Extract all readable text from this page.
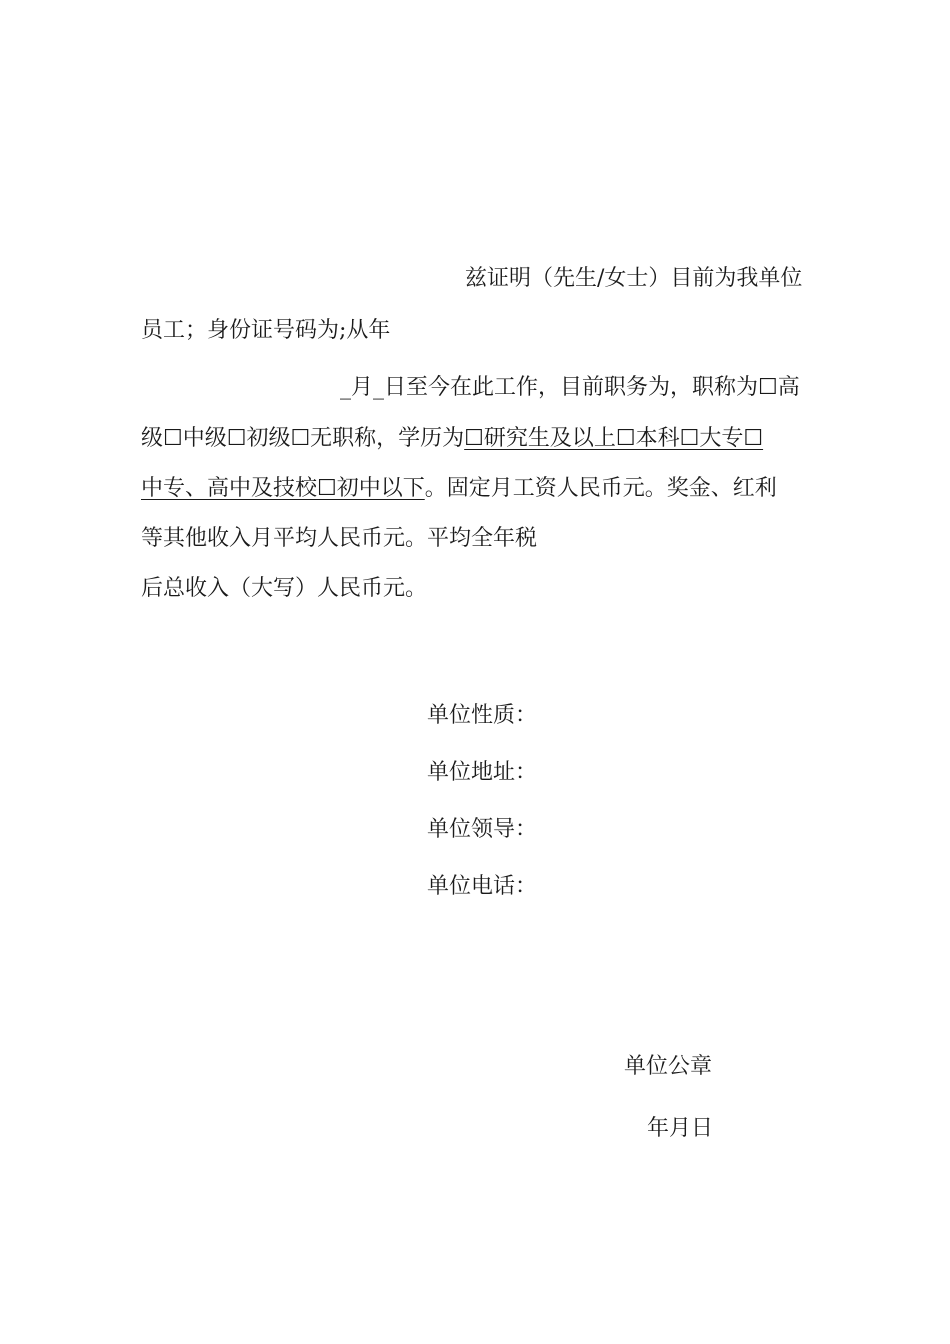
兹证明（先生/女士）目前为我单位

员工；身份证号码为;从年

_月_日至今在此工作，目前职务为，职称为☐高

级☐中级☐初级☐无职称，学历为☐研究生及以上☐本科☐大专☐

中专、高中及技校☐初中以下。固定月工资人民币元。奖金、红利

等其他收入月平均人民币元。平均全年税

后总收入（大写）人民币元。

单位性质：

单位地址：

单位领导：

单位电话：

单位公章

年月日
